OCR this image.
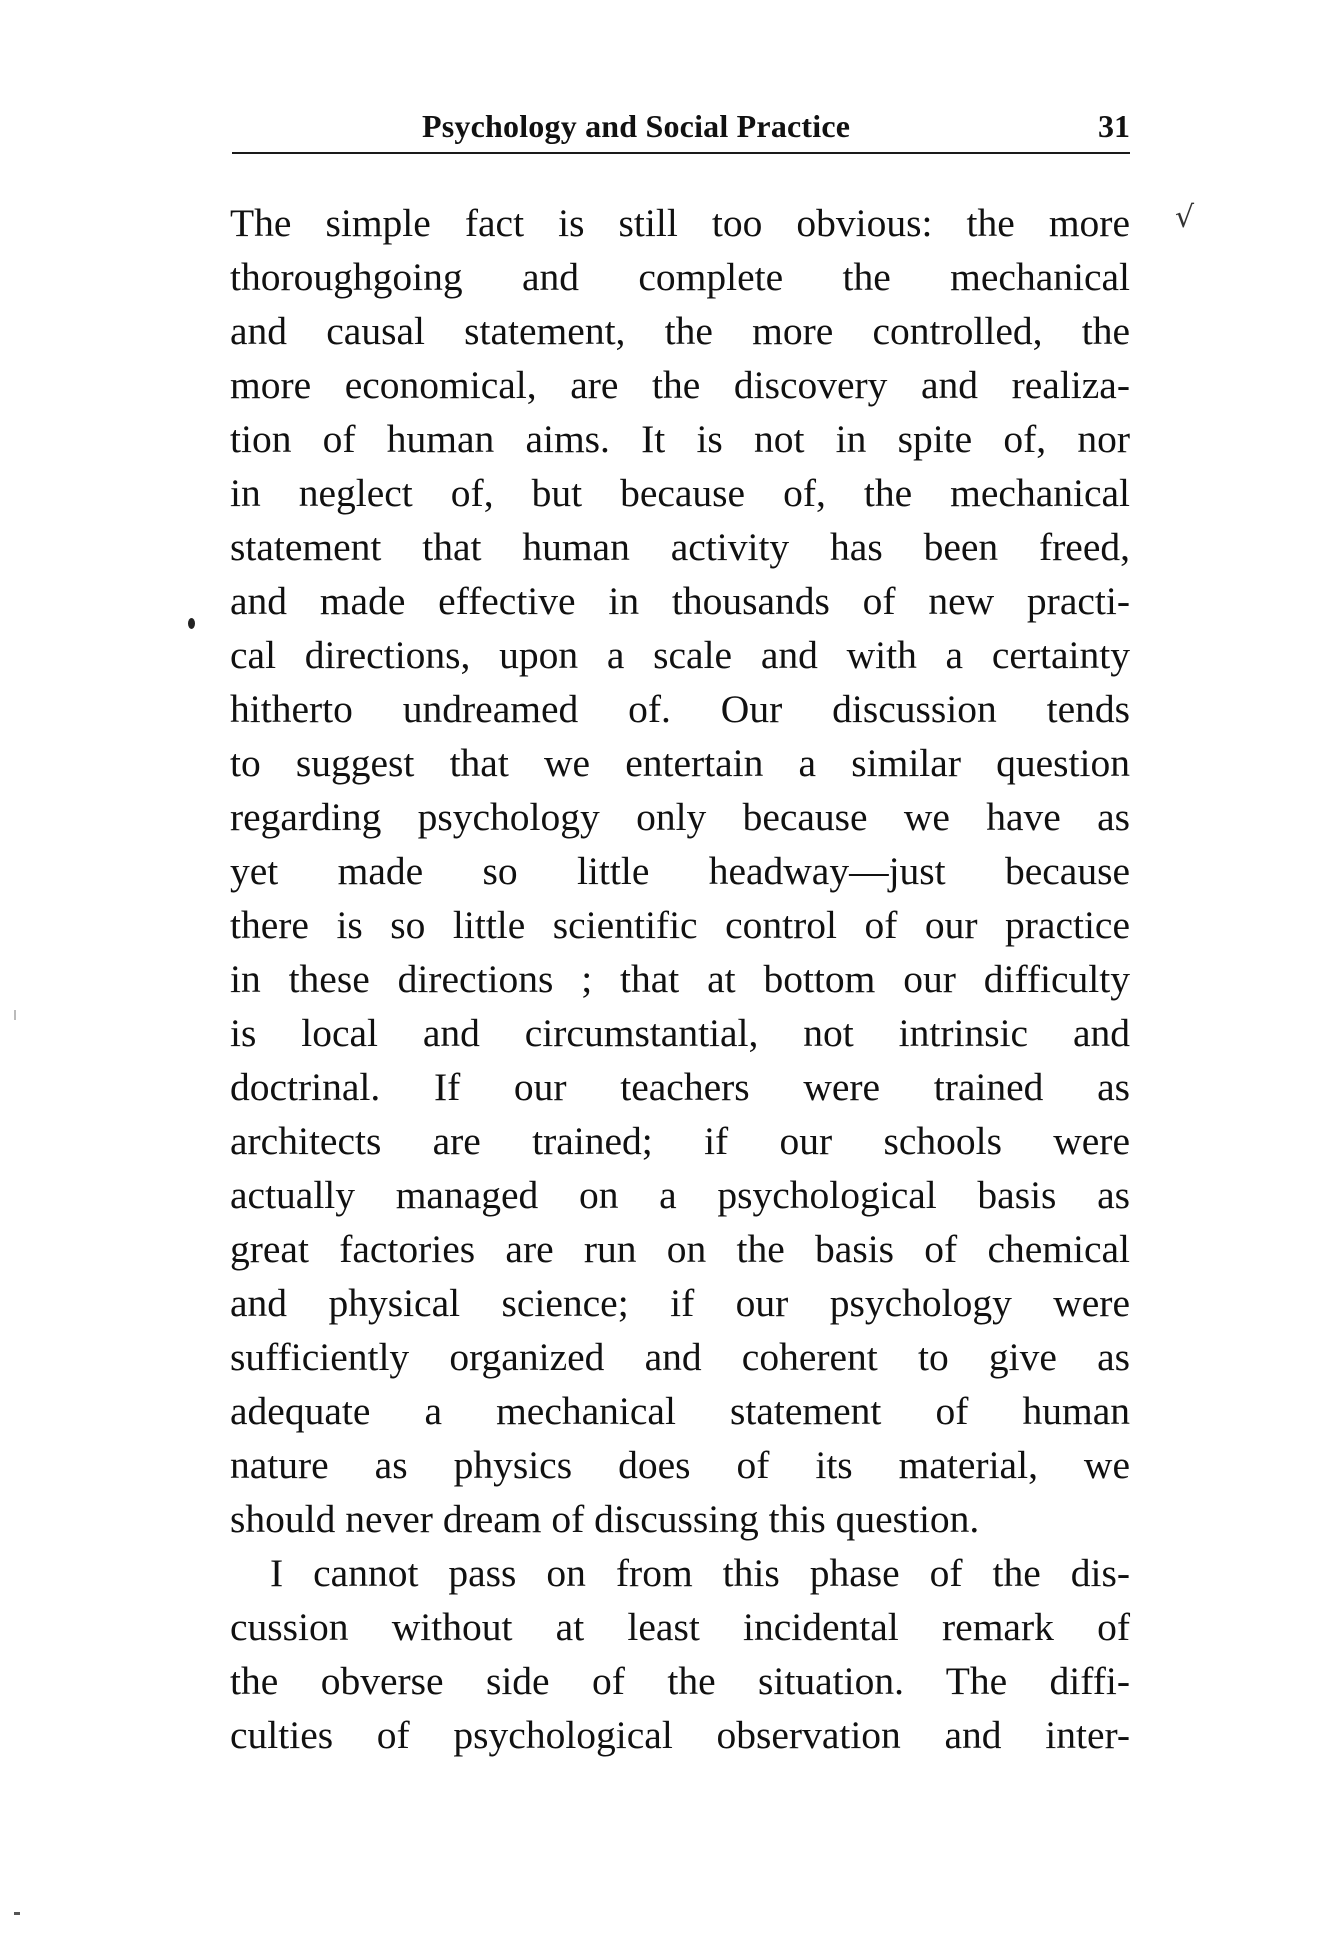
Psychology and Social Practice	31
√
The simple fact is still too obvious: the more
thoroughgoing and complete the mechanical
and causal statement, the more controlled, the
more economical, are the discovery and realiza-
tion of human aims. It is not in spite of, nor
in neglect of, but because of, the mechanical
statement that human activity has been freed,
and made effective in thousands of new practi-
cal directions, upon a scale and with a certainty
hitherto undreamed of. Our discussion tends
to suggest that we entertain a similar question
regarding psychology only because we have as
yet made so little headway—just because
there is so little scientific control of our practice
in these directions ; that at bottom our difficulty
is local and circumstantial, not intrinsic and
doctrinal. If our teachers were trained as
architects are trained; if our schools were
actually managed on a psychological basis as
great factories are run on the basis of chemical
and physical science; if our psychology were
sufficiently organized and coherent to give as
adequate a mechanical statement of human
nature as physics does of its material, we
should never dream of discussing this question.
I cannot pass on from this phase of the dis-
cussion without at least incidental remark of
the obverse side of the situation. The diffi-
culties of psychological observation and inter-
